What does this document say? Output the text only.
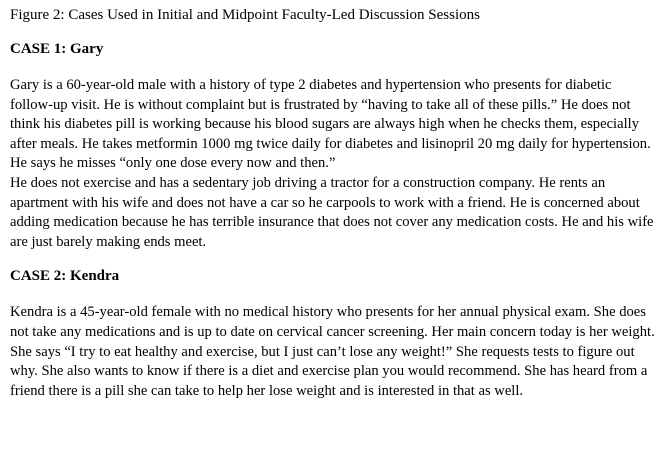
Figure 2: Cases Used in Initial and Midpoint Faculty-Led Discussion Sessions
CASE 1: Gary

Gary is a 60-year-old male with a history of type 2 diabetes and hypertension who presents for diabetic follow-up visit. He is without complaint but is frustrated by “having to take all of these pills.” He does not think his diabetes pill is working because his blood sugars are always high when he checks them, especially after meals. He takes metformin 1000 mg twice daily for diabetes and lisinopril 20 mg daily for hypertension. He says he misses “only one dose every now and then.”

He does not exercise and has a sedentary job driving a tractor for a construction company. He rents an apartment with his wife and does not have a car so he carpools to work with a friend. He is concerned about adding medication because he has terrible insurance that does not cover any medication costs. He and his wife are just barely making ends meet.

CASE 2: Kendra

Kendra is a 45-year-old female with no medical history who presents for her annual physical exam. She does not take any medications and is up to date on cervical cancer screening. Her main concern today is her weight. She says “I try to eat healthy and exercise, but I just can’t lose any weight!” She requests tests to figure out why. She also wants to know if there is a diet and exercise plan you would recommend. She has heard from a friend there is a pill she can take to help her lose weight and is interested in that as well.
